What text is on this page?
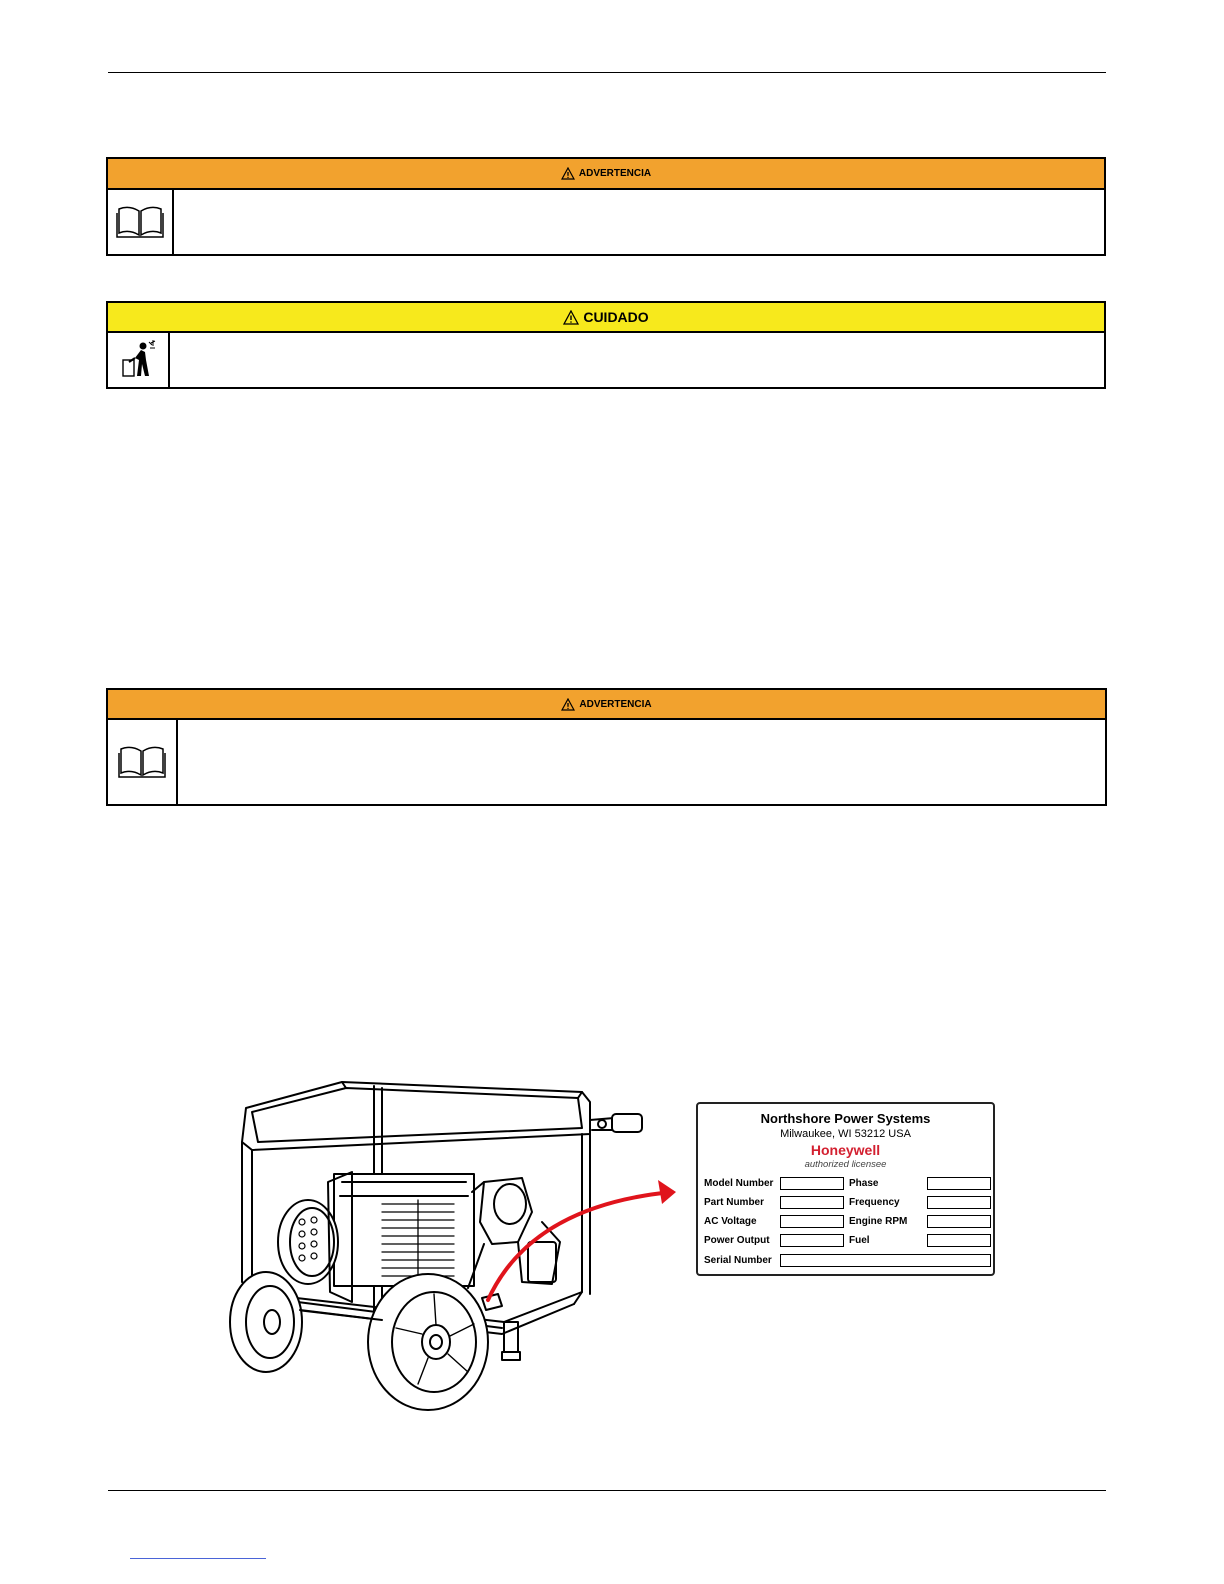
ADVERTENCIA
CUIDADO
ADVERTENCIA
Northshore Power Systems
Milwaukee, WI 53212 USA
Honeywell
authorized licensee
Model Number
Part Number
AC Voltage
Power Output
Serial Number
Phase
Frequency
Engine RPM
Fuel
